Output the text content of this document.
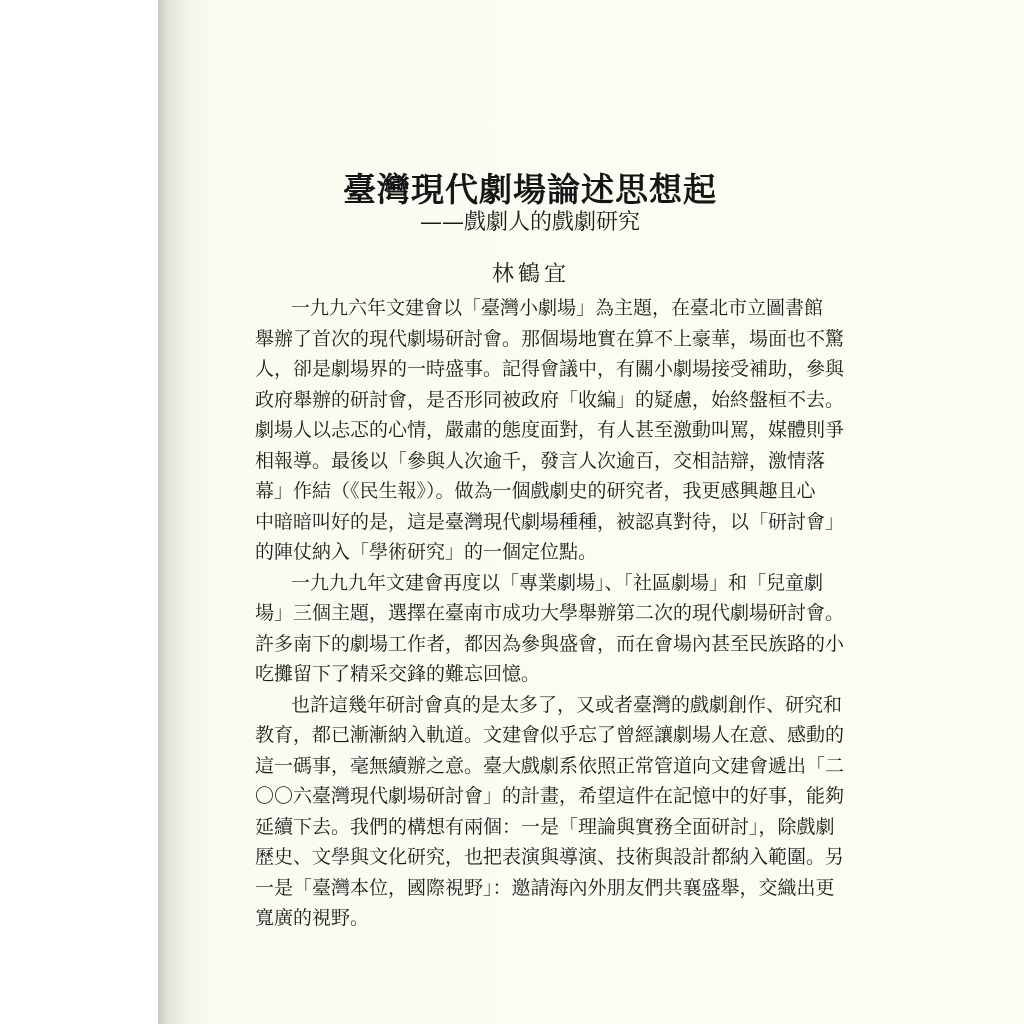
臺灣現代劇場論述思想起
——戲劇人的戲劇研究
林鶴宜
一九九六年文建會以「臺灣小劇場」為主題，在臺北市立圖書館
舉辦了首次的現代劇場研討會。那個場地實在算不上豪華，場面也不驚
人，卻是劇場界的一時盛事。記得會議中，有關小劇場接受補助，參與
政府舉辦的研討會，是否形同被政府「收編」的疑慮，始終盤桓不去。
劇場人以忐忑的心情，嚴肅的態度面對，有人甚至激動叫罵，媒體則爭
相報導。最後以「參與人次逾千，發言人次逾百，交相詰辯，激情落
幕」作結（《民生報》）。做為一個戲劇史的研究者，我更感興趣且心
中暗暗叫好的是，這是臺灣現代劇場種種，被認真對待，以「研討會」
的陣仗納入「學術研究」的一個定位點。
一九九九年文建會再度以「專業劇場」、「社區劇場」和「兒童劇
場」三個主題，選擇在臺南市成功大學舉辦第二次的現代劇場研討會。
許多南下的劇場工作者，都因為參與盛會，而在會場內甚至民族路的小
吃攤留下了精采交鋒的難忘回憶。
也許這幾年研討會真的是太多了，又或者臺灣的戲劇創作、研究和
教育，都已漸漸納入軌道。文建會似乎忘了曾經讓劇場人在意、感動的
這一碼事，毫無續辦之意。臺大戲劇系依照正常管道向文建會遞出「二
〇〇六臺灣現代劇場研討會」的計畫，希望這件在記憶中的好事，能夠
延續下去。我們的構想有兩個：一是「理論與實務全面研討」，除戲劇
歷史、文學與文化研究，也把表演與導演、技術與設計都納入範圍。另
一是「臺灣本位，國際視野」：邀請海內外朋友們共襄盛舉，交織出更
寬廣的視野。
